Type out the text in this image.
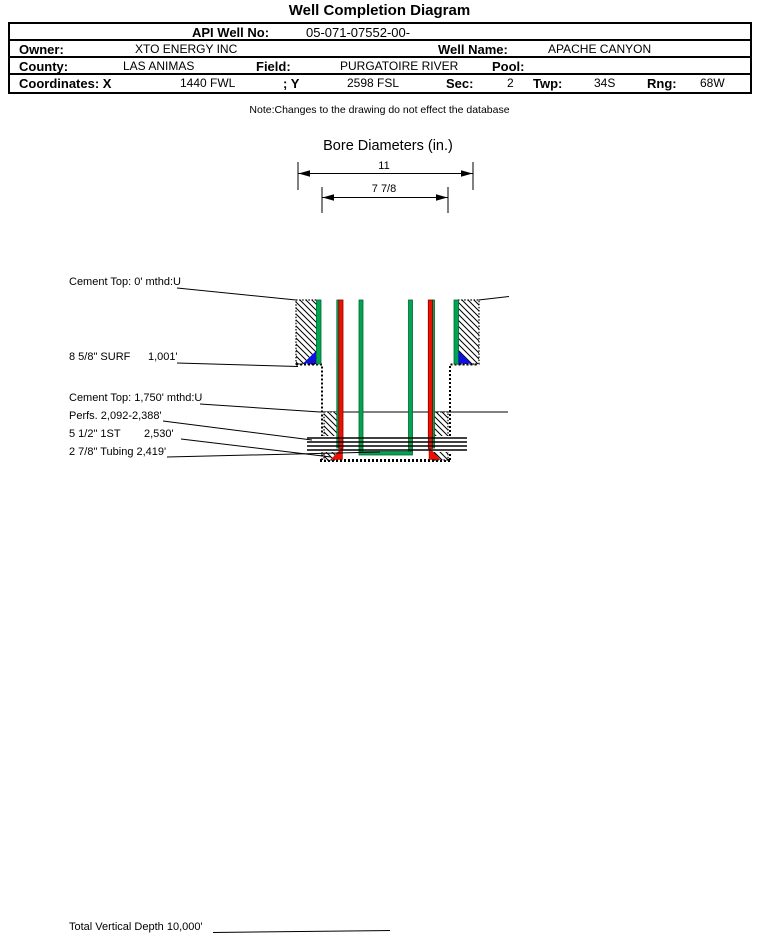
Well Completion Diagram
API Well No:	05-071-07552-00-
Owner:	XTO ENERGY INC	Well Name:	APACHE CANYON
County:	LAS ANIMAS	Field:	PURGATOIRE RIVER	Pool:
Coordinates: X	1440 FWL	; Y	2598 FSL	Sec:	2 Twp:	34S Rng: 68W
Note:Changes to the drawing do not effect the database
Bore Diameters (in.)
11
7 7/8
Cement Top: 0' mthd:U
8 5/8" SURF 1,001'
Cement Top: 1,750' mthd:U
Perfs. 2,092-2,388'
5 1/2" 1ST 2,530'
2 7/8" Tubing 2,419'
Total Vertical Depth 10,000'
